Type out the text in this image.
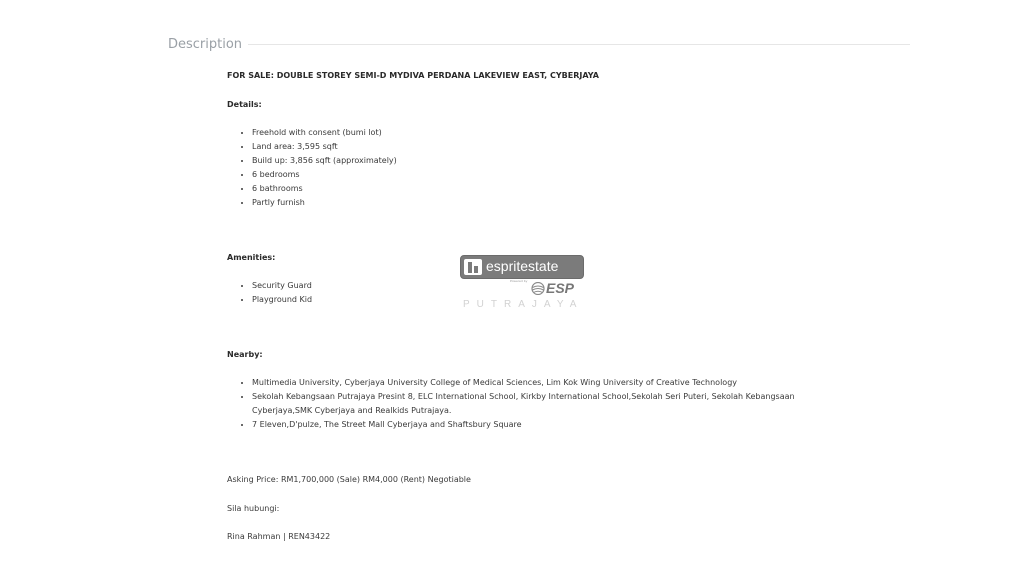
Description
FOR SALE: DOUBLE STOREY SEMI-D MYDIVA PERDANA LAKEVIEW EAST, CYBERJAYA
Details:
• Freehold with consent (bumi lot)
• Land area: 3,595 sqft
• Build up: 3,856 sqft (approximately)
• 6 bedrooms
• 6 bathrooms
• Partly furnish
Amenities:
• Security Guard
• Playground Kid
Nearby:
• Multimedia University, Cyberjaya University College of Medical Sciences, Lim Kok Wing University of Creative Technology
• Sekolah Kebangsaan Putrajaya Presint 8, ELC International School, Kirkby International School,Sekolah Seri Puteri, Sekolah Kebangsaan Cyberjaya,SMK Cyberjaya and Realkids Putrajaya.
• 7 Eleven,D'pulze, The Street Mall Cyberjaya and Shaftsbury Square
Asking Price: RM1,700,000 (Sale) RM4,000 (Rent) Negotiable
Sila hubungi:
Rina Rahman | REN43422
espritestate
Powered by ESP
PUTRAJAYA
